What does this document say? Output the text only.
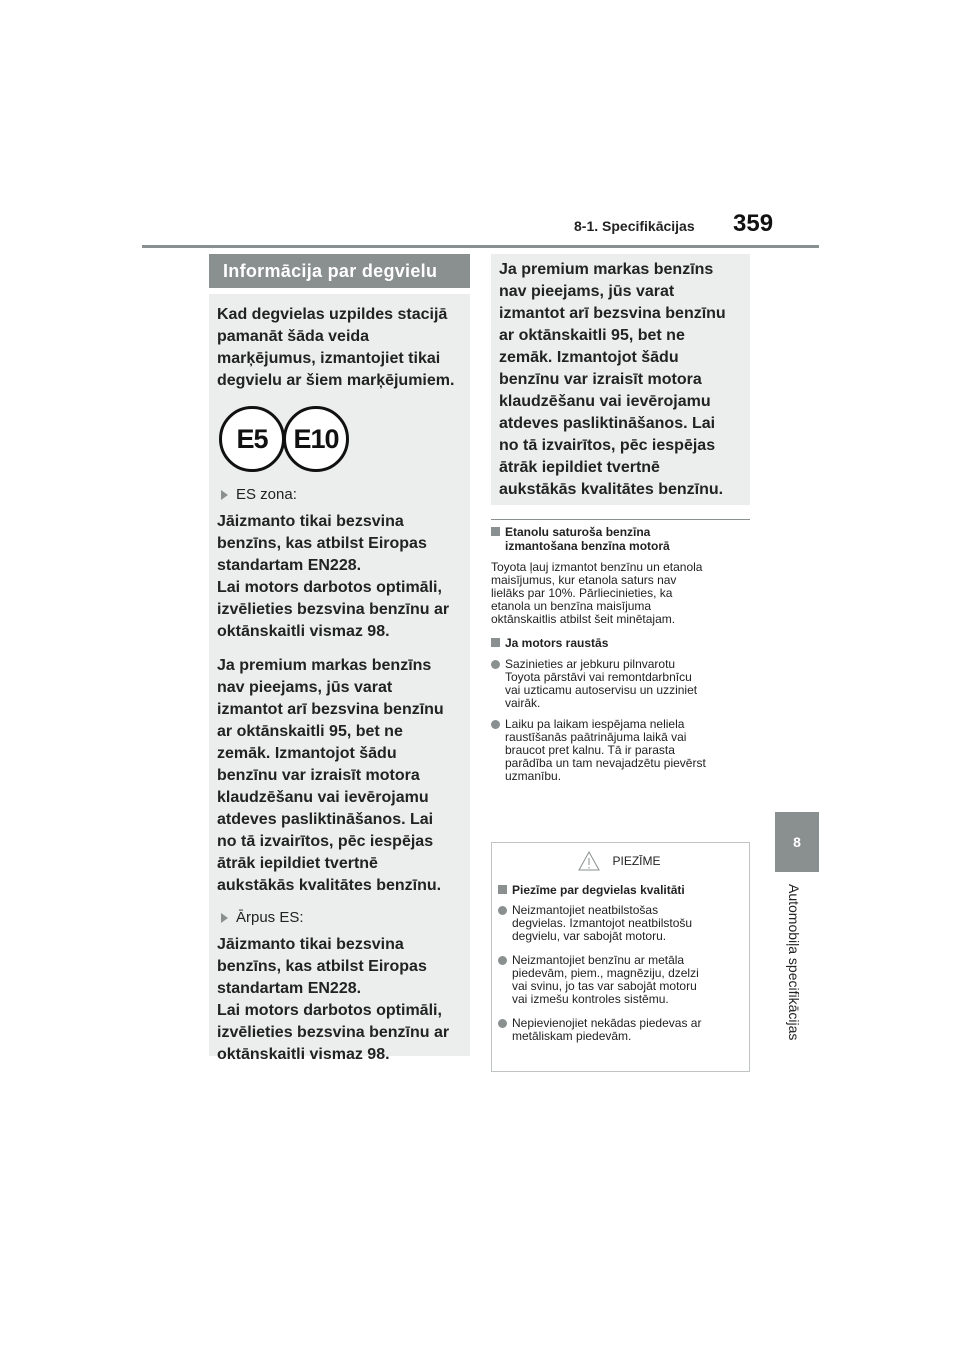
8-1. Specifikācijas 359
8
Automobiļa specifikācijas
Informācija par degvielu

Kad degvielas uzpildes stacijā
pamanāt šāda veida
marķējumus, izmantojiet tikai
degvielu ar šiem marķējumiem.

E5 E10
ES zona:

Jāizmanto tikai bezsvina
benzīns, kas atbilst Eiropas
standartam EN228.
Lai motors darbotos optimāli,
izvēlieties bezsvina benzīnu ar
oktānskaitli vismaz 98.

Ja premium markas benzīns
nav pieejams, jūs varat
izmantot arī bezsvina benzīnu
ar oktānskaitli 95, bet ne
zemāk. Izmantojot šādu
benzīnu var izraisīt motora
klaudzēšanu vai ievērojamu
atdeves pasliktināšanos. Lai
no tā izvairītos, pēc iespējas
ātrāk iepildiet tvertnē
aukstākās kvalitātes benzīnu.

Ārpus ES:

Jāizmanto tikai bezsvina
benzīns, kas atbilst Eiropas
standartam EN228.
Lai motors darbotos optimāli,
izvēlieties bezsvina benzīnu ar
oktānskaitli vismaz 98.

Ja premium markas benzīns
nav pieejams, jūs varat
izmantot arī bezsvina benzīnu
ar oktānskaitli 95, bet ne
zemāk. Izmantojot šādu
benzīnu var izraisīt motora
klaudzēšanu vai ievērojamu
atdeves pasliktināšanos. Lai
no tā izvairītos, pēc iespējas
ātrāk iepildiet tvertnē
aukstākās kvalitātes benzīnu.

Etanolu saturoša benzīna
izmantošana benzīna motorā

Toyota ļauj izmantot benzīnu un etanola
maisījumus, kur etanola saturs nav
lielāks par 10%. Pārliecinieties, ka
etanola un benzīna maisījuma
oktānskaitlis atbilst šeit minētajam.

Ja motors raustās
Sazinieties ar jebkuru pilnvarotu
Toyota pārstāvi vai remontdarbnīcu
vai uzticamu autoservisu un uzziniet
vairāk.
Laiku pa laikam iespējama neliela
raustīšanās paātrinājuma laikā vai
braucot pret kalnu. Tā ir parasta
parādība un tam nevajadzētu pievērst
uzmanību.
PIEZĪME
Piezīme par degvielas kvalitāti
Neizmantojiet neatbilstošas
degvielas. Izmantojot neatbilstošu
degvielu, var sabojāt motoru.
Neizmantojiet benzīnu ar metāla
piedevām, piem., magnēziju, dzelzi
vai svinu, jo tas var sabojāt motoru
vai izmešu kontroles sistēmu.
Nepievienojiet nekādas piedevas ar
metāliskam piedevām.
